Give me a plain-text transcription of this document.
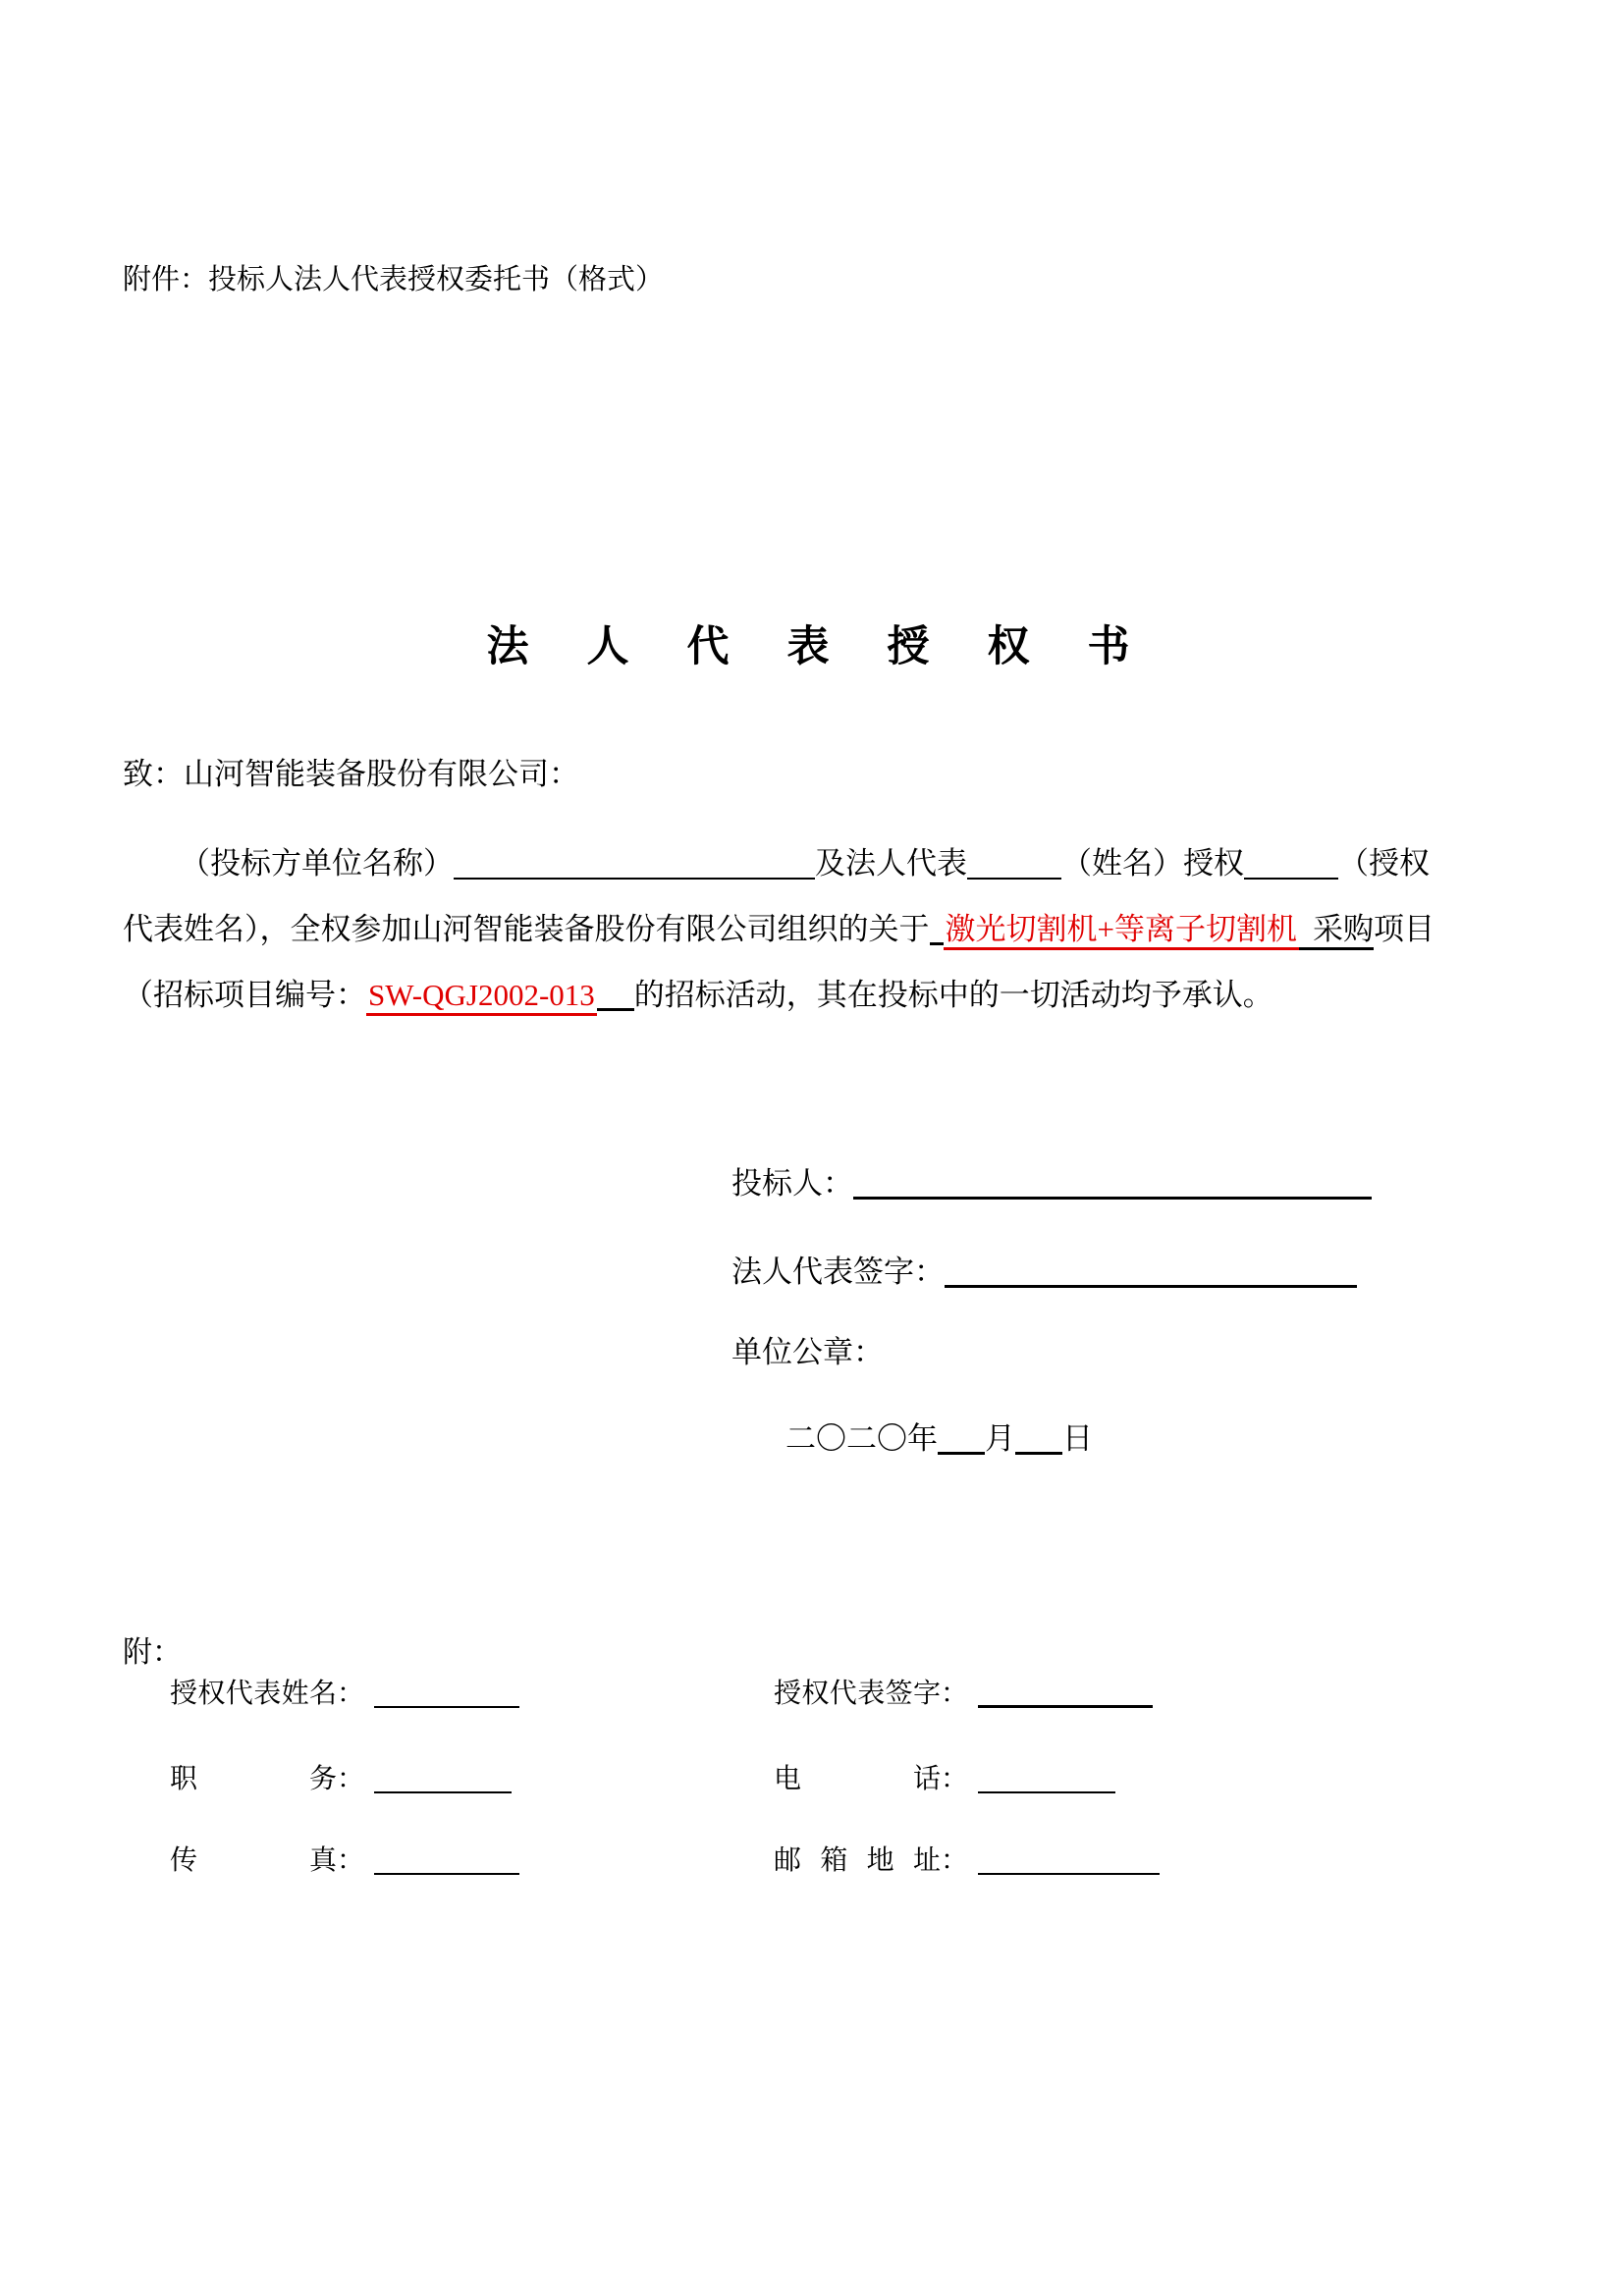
附件：投标人法人代表授权委托书（格式）
法　人　代　表　授　权　书
致：山河智能装备股份有限公司：
（投标方单位名称）	及法人代表	（姓名）授权	（授权
代表姓名），全权参加山河智能装备股份有限公司组织的关于 激光切割机+等离子切割机 采购项目
（招标项目编号：SW-QGJ2002-013 的招标活动，其在投标中的一切活动均予承认。
投标人：
法人代表签字：
单位公章：
二〇二〇年 月 日
附：
授权代表姓名：	授权代表签字：
职务：	电话：
传真：	邮箱地址：
